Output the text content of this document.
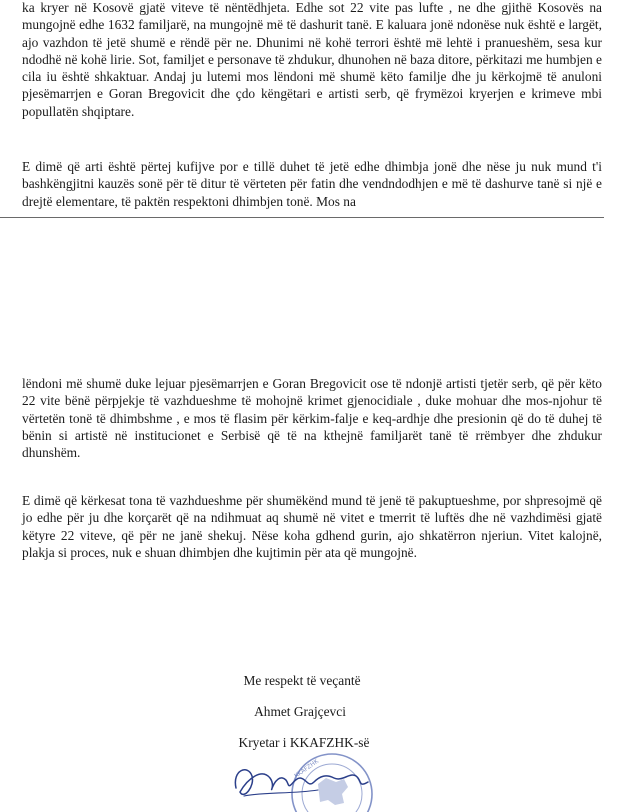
ka kryer në Kosovë gjatë viteve të nëntëdhjeta. Edhe sot 22 vite pas lufte , ne dhe gjithë Kosovës na mungojnë edhe 1632 familjarë, na mungojnë më të dashurit tanë. E kaluara jonë ndonëse nuk është e largët, ajo vazhdon të jetë shumë e rëndë për ne. Dhunimi në kohë terrori është më lehtë i pranueshëm, sesa kur ndodhë në kohë lirie. Sot, familjet e personave të zhdukur, dhunohen në baza ditore, përkitazi me humbjen e cila iu është shkaktuar. Andaj ju lutemi mos lëndoni më shumë këto familje dhe ju kërkojmë të anuloni pjesëmarrjen e Goran Bregovicit dhe çdo këngëtari e artisti serb, që frymëzoi kryerjen e krimeve mbi popullatën shqiptare.

E dimë që arti është përtej kufijve por e tillë duhet të jetë edhe dhimbja jonë dhe nëse ju nuk mund t'i bashkëngjitni kauzës sonë për të ditur të vërteten për fatin dhe vendndodhjen e më të dashurve tanë si një e drejtë elementare, të paktën respektoni dhimbjen tonë. Mos na

lëndoni më shumë duke lejuar pjesëmarrjen e Goran Bregovicit ose të ndonjë artisti tjetër serb, që për këto 22 vite bënë përpjekje të vazhdueshme të mohojnë krimet gjenocidiale , duke mohuar dhe mos-njohur të vërtetën tonë të dhimbshme , e mos të flasim për kërkim-falje e keq-ardhje dhe presionin që do të duhej të bënin si artistë në institucionet e Serbisë që të na kthejnë familjarët tanë të rrëmbyer dhe zhdukur dhunshëm.

E dimë që kërkesat tona të vazhdueshme për shumëkënd mund të jenë të pakuptueshme, por shpresojmë që jo edhe për ju dhe korçarët që na ndihmuat aq shumë në vitet e tmerrit të luftës dhe në vazhdimësi gjatë këtyre 22 viteve, që për ne janë shekuj. Nëse koha gdhend gurin, ajo shkatërron njeriun. Vitet kalojnë, plakja si proces, nuk e shuan dhimbjen dhe kujtimin për ata që mungojnë.

Me respekt të veçantë

Ahmet Grajçevci

Kryetar i KKAFZHK-së

KKAFZHK
